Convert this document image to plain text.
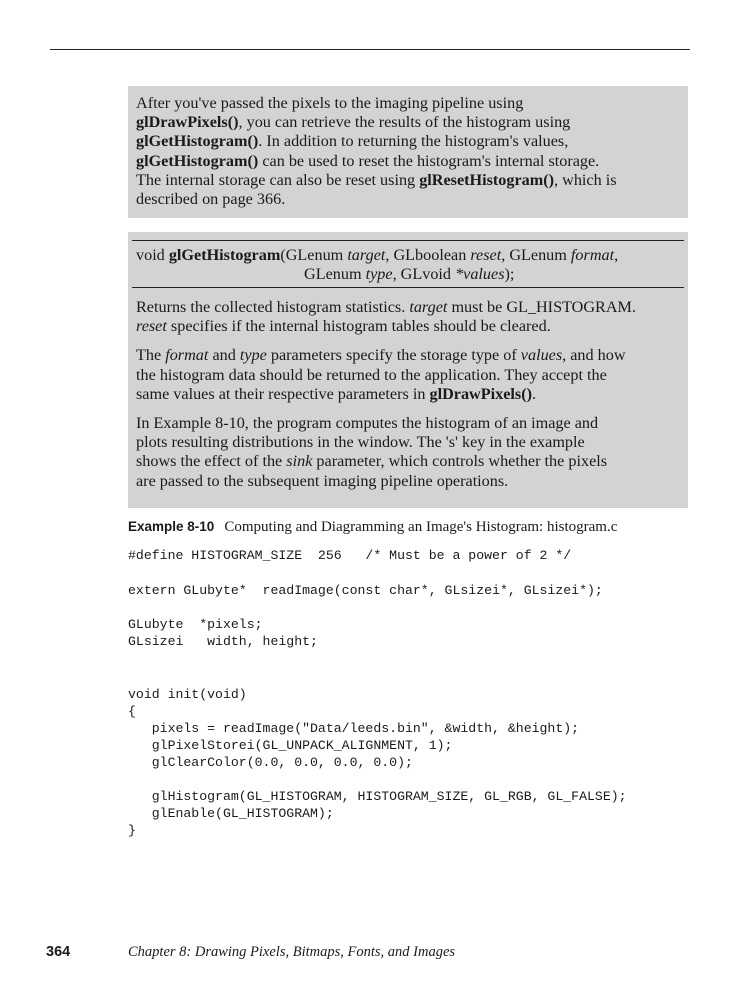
After you've passed the pixels to the imaging pipeline using
glDrawPixels(), you can retrieve the results of the histogram using
glGetHistogram(). In addition to returning the histogram's values,
glGetHistogram() can be used to reset the histogram's internal storage.
The internal storage can also be reset using glResetHistogram(), which is
described on page 366.
void glGetHistogram(GLenum target, GLboolean reset, GLenum format,
GLenum type, GLvoid *values);
Returns the collected histogram statistics. target must be GL_HISTOGRAM.
reset specifies if the internal histogram tables should be cleared.
The format and type parameters specify the storage type of values, and how
the histogram data should be returned to the application. They accept the
same values at their respective parameters in glDrawPixels().
In Example 8-10, the program computes the histogram of an image and
plots resulting distributions in the window. The 's' key in the example
shows the effect of the sink parameter, which controls whether the pixels
are passed to the subsequent imaging pipeline operations.
Example 8-10 Computing and Diagramming an Image's Histogram: histogram.c
#define HISTOGRAM_SIZE  256   /* Must be a power of 2 */
extern GLubyte*  readImage(const char*, GLsizei*, GLsizei*);
GLubyte  *pixels;
GLsizei   width, height;
void init(void)
{
pixels = readImage("Data/leeds.bin", &width, &height);
glPixelStorei(GL_UNPACK_ALIGNMENT, 1);
glClearColor(0.0, 0.0, 0.0, 0.0);

glHistogram(GL_HISTOGRAM, HISTOGRAM_SIZE, GL_RGB, GL_FALSE);
glEnable(GL_HISTOGRAM);
}
364	Chapter 8: Drawing Pixels, Bitmaps, Fonts, and Images
